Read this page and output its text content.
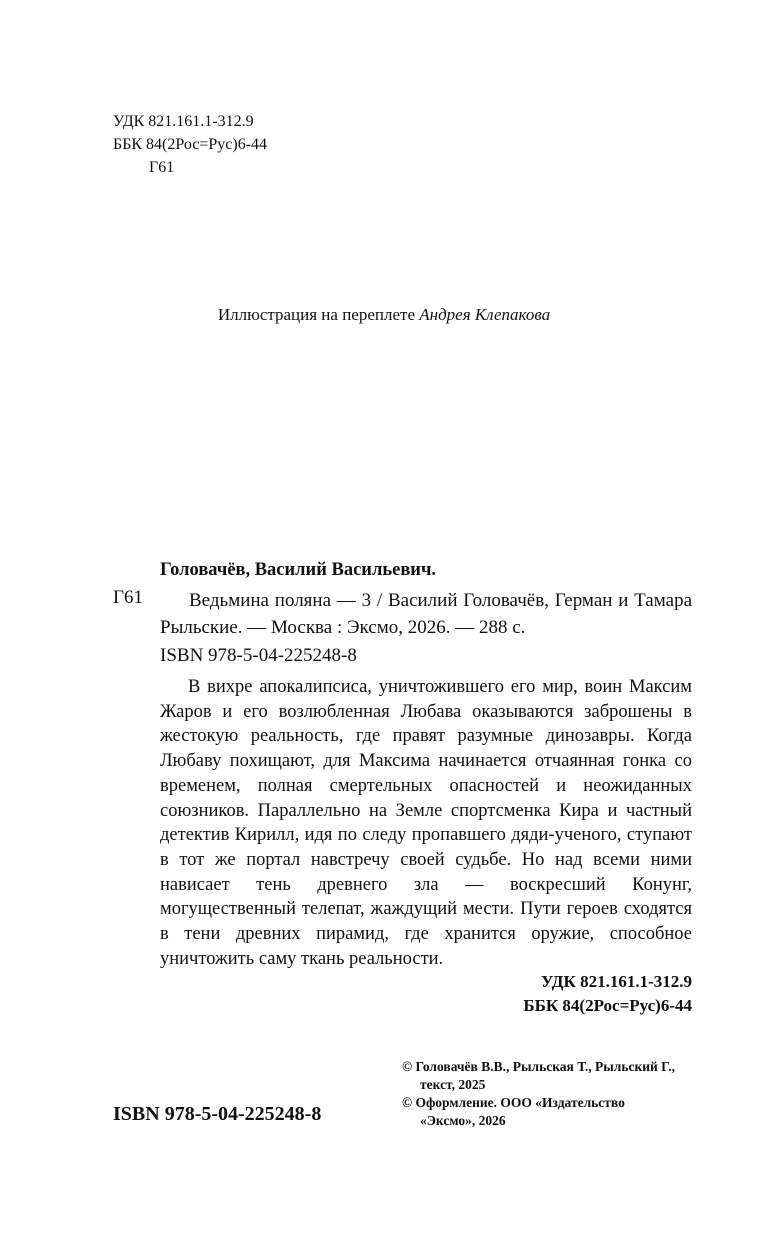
УДК 821.161.1-312.9
ББК 84(2Рос=Рус)6-44
Г61
Иллюстрация на переплете Андрея Клепакова
Головачёв, Василий Васильевич.
Г61	Ведьмина поляна — 3 / Василий Головачёв, Герман и Тамара Рыльские. — Москва : Эксмо, 2026. — 288 с.

ISBN 978-5-04-225248-8

В вихре апокалипсиса, уничтожившего его мир, воин Максим Жаров и его возлюбленная Любава оказываются заброшены в жестокую реальность, где правят разумные динозавры. Когда Любаву похищают, для Максима начинается отчаянная гонка со временем, полная смертельных опасностей и неожиданных союзников. Параллельно на Земле спортсменка Кира и частный детектив Кирилл, идя по следу пропавшего дяди-ученого, ступают в тот же портал навстречу своей судьбе. Но над всеми ними нависает тень древнего зла — воскресший Конунг, могущественный телепат, жаждущий мести. Пути героев сходятся в тени древних пирамид, где хранится оружие, способное уничтожить саму ткань реальности.

УДК 821.161.1-312.9
ББК 84(2Рос=Рус)6-44
© Головачёв В.В., Рыльская Т., Рыльский Г.,
текст, 2025
© Оформление. ООО «Издательство
«Эксмо», 2026
ISBN 978-5-04-225248-8
